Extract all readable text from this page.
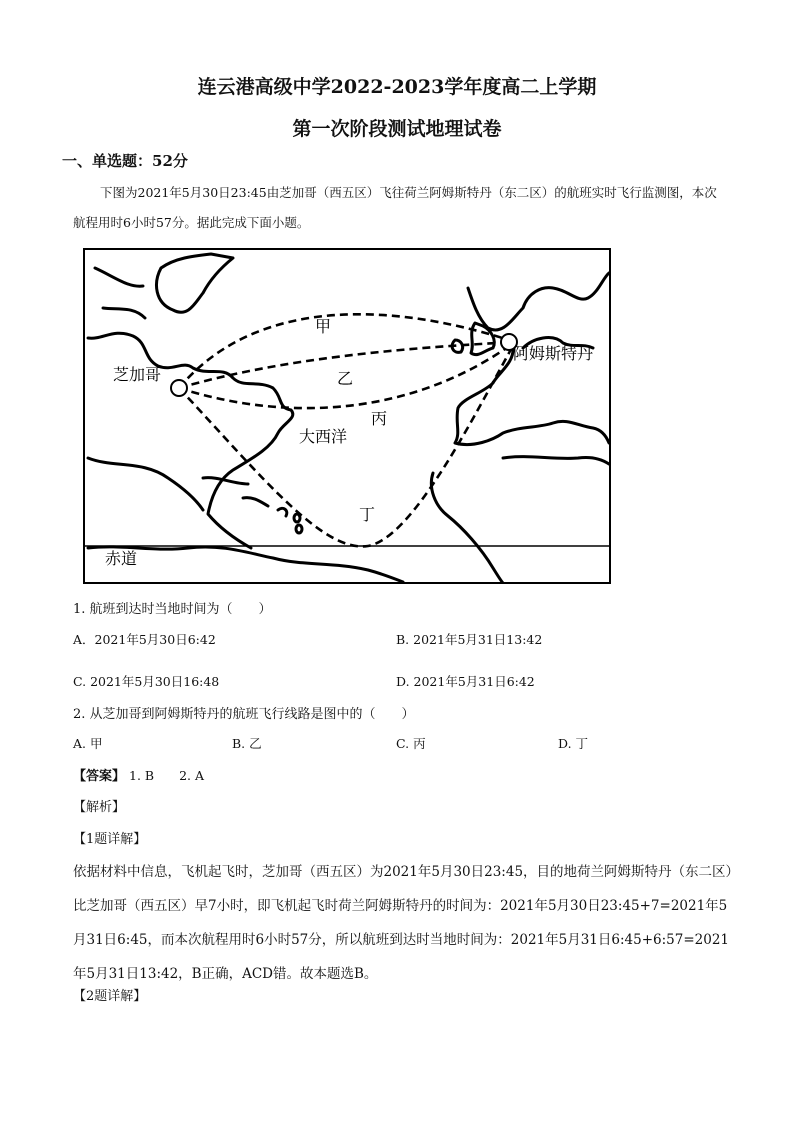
连云港高级中学2022-2023学年度高二上学期
第一次阶段测试地理试卷
一、单选题：52分
下图为2021年5月30日23:45由芝加哥（西五区）飞往荷兰阿姆斯特丹（东二区）的航班实时飞行监测图，本次航程用时6小时57分。据此完成下面小题。
芝加哥
阿姆斯特丹
甲
乙
丙
大西洋
丁
赤道
1. 航班到达时当地时间为（　　）
A．2021年5月30日6:42	B. 2021年5月31日13:42
C. 2021年5月30日16:48	D. 2021年5月31日6:42
2. 从芝加哥到阿姆斯特丹的航班飞行线路是图中的（　　）
A. 甲	B. 乙	C. 丙	D. 丁
【答案】 1. B　　2. A
【解析】
【1题详解】
依据材料中信息，飞机起飞时，芝加哥（西五区）为2021年5月30日23:45，目的地荷兰阿姆斯特丹（东二区）比芝加哥（西五区）早7小时，即飞机起飞时荷兰阿姆斯特丹的时间为：2021年5月30日23:45+7=2021年5月31日6:45，而本次航程用时6小时57分，所以航班到达时当地时间为：2021年5月31日6:45+6:57=2021年5月31日13:42，B正确，ACD错。故本题选B。
【2题详解】
